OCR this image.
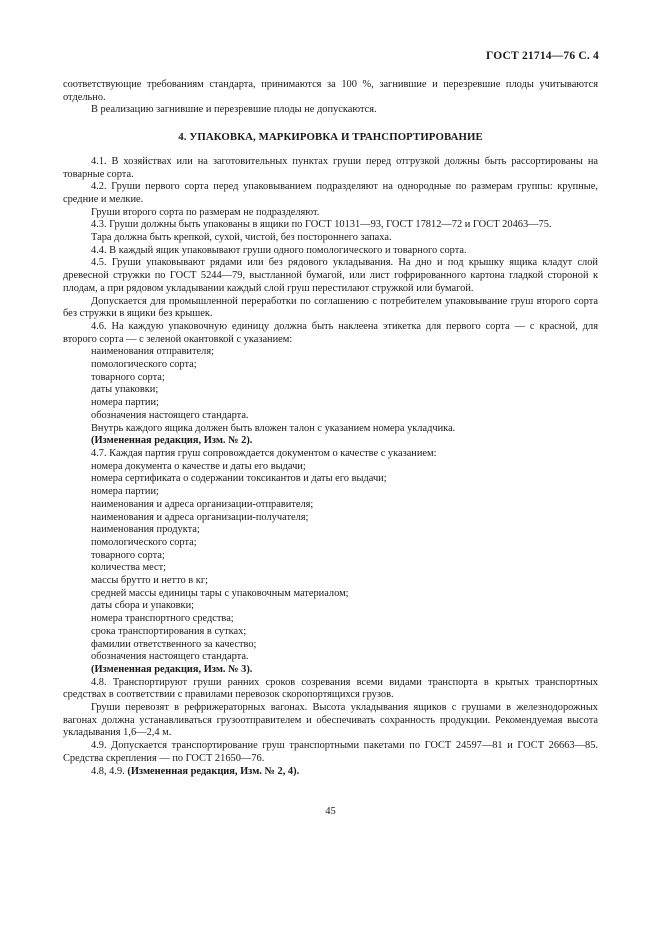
ГОСТ 21714—76 С. 4

соответствующие требованиям стандарта, принимаются за 100 %, загнившие и перезревшие плоды учитываются отдельно.

В реализацию загнившие и перезревшие плоды не допускаются.

4. УПАКОВКА, МАРКИРОВКА И ТРАНСПОРТИРОВАНИЕ

4.1. В хозяйствах или на заготовительных пунктах груши перед отгрузкой должны быть рассортированы на товарные сорта.

4.2. Груши первого сорта перед упаковыванием подразделяют на однородные по размерам группы: крупные, средние и мелкие.

Груши второго сорта по размерам не подразделяют.

4.3. Груши должны быть упакованы в ящики по ГОСТ 10131—93, ГОСТ 17812—72 и ГОСТ 20463—75.

Тара должна быть крепкой, сухой, чистой, без постороннего запаха.

4.4. В каждый ящик упаковывают груши одного помологического и товарного сорта.

4.5. Груши упаковывают рядами или без рядового укладывания. На дно и под крышку ящика кладут слой древесной стружки по ГОСТ 5244—79, выстланной бумагой, или лист гофрированного картона гладкой стороной к плодам, а при рядовом укладывании каждый слой груш перестилают стружкой или бумагой.

Допускается для промышленной переработки по соглашению с потребителем упаковывание груш второго сорта без стружки в ящики без крышек.

4.6. На каждую упаковочную единицу должна быть наклеена этикетка для первого сорта — с красной, для второго сорта — с зеленой окантовкой с указанием:

наименования отправителя;

помологического сорта;

товарного сорта;

даты упаковки;

номера партии;

обозначения настоящего стандарта.

Внутрь каждого ящика должен быть вложен талон с указанием номера укладчика.

(Измененная редакция, Изм. № 2).

4.7. Каждая партия груш сопровождается документом о качестве с указанием:

номера документа о качестве и даты его выдачи;

номера сертификата о содержании токсикантов и даты его выдачи;

номера партии;

наименования и адреса организации-отправителя;

наименования и адреса организации-получателя;

наименования продукта;

помологического сорта;

товарного сорта;

количества мест;

массы брутто и нетто в кг;

средней массы единицы тары с упаковочным материалом;

даты сбора и упаковки;

номера транспортного средства;

срока транспортирования в сутках;

фамилии ответственного за качество;

обозначения настоящего стандарта.

(Измененная редакция, Изм. № 3).

4.8. Транспортируют груши ранних сроков созревания всеми видами транспорта в крытых транспортных средствах в соответствии с правилами перевозок скоропортящихся грузов.

Груши перевозят в рефрижераторных вагонах. Высота укладывания ящиков с грушами в железнодорожных вагонах должна устанавливаться грузоотправителем и обеспечивать сохранность продукции. Рекомендуемая высота укладывания 1,6—2,4 м.

4.9. Допускается транспортирование груш транспортными пакетами по ГОСТ 24597—81 и ГОСТ 26663—85. Средства скрепления — по ГОСТ 21650—76.

4.8, 4.9. (Измененная редакция, Изм. № 2, 4).

45
